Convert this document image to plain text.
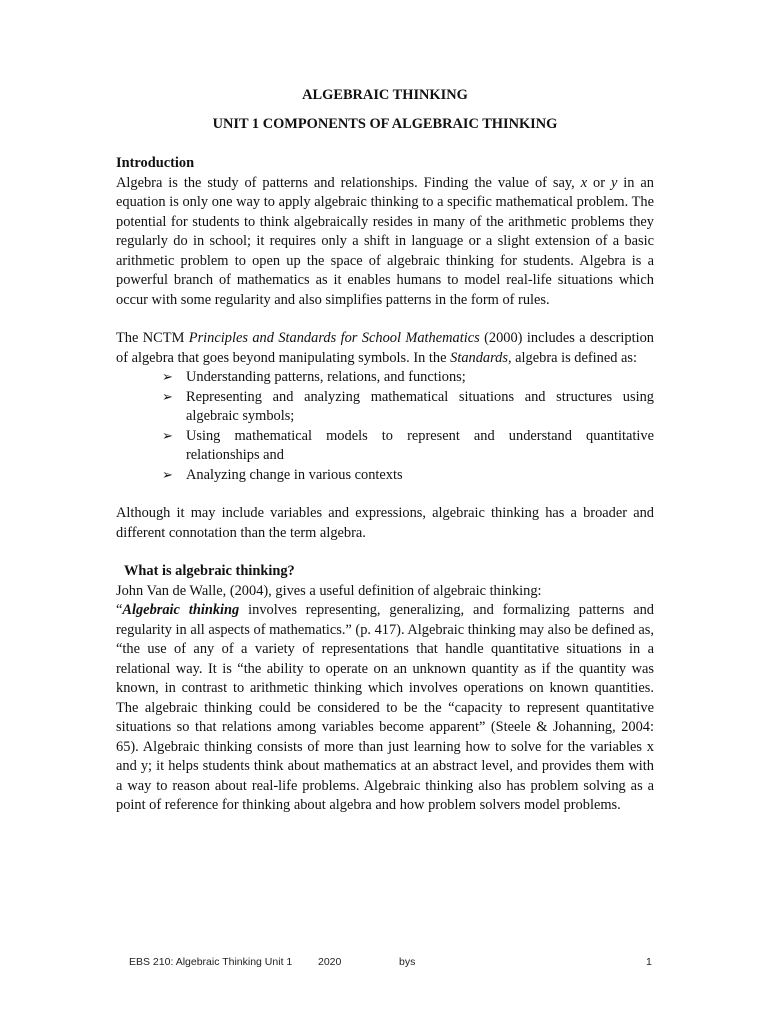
ALGEBRAIC THINKING

UNIT 1 COMPONENTS OF ALGEBRAIC THINKING

Introduction

Algebra is the study of patterns and relationships. Finding the value of say, x or y in an equation is only one way to apply algebraic thinking to a specific mathematical problem. The potential for students to think algebraically resides in many of the arithmetic problems they regularly do in school; it requires only a shift in language or a slight extension of a basic arithmetic problem to open up the space of algebraic thinking for students. Algebra is a powerful branch of mathematics as it enables humans to model real-life situations which occur with some regularity and also simplifies patterns in the form of rules.

The NCTM Principles and Standards for School Mathematics (2000) includes a description of algebra that goes beyond manipulating symbols. In the Standards, algebra is defined as:

➢ Understanding patterns, relations, and functions;
➢ Representing and analyzing mathematical situations and structures using algebraic symbols;
➢ Using mathematical models to represent and understand quantitative relationships and
➢ Analyzing change in various contexts

Although it may include variables and expressions, algebraic thinking has a broader and different connotation than the term algebra.

What is algebraic thinking?

John Van de Walle, (2004), gives a useful definition of algebraic thinking:

“Algebraic thinking involves representing, generalizing, and formalizing patterns and regularity in all aspects of mathematics.” (p. 417). Algebraic thinking may also be defined as, “the use of any of a variety of representations that handle quantitative situations in a relational way. It is “the ability to operate on an unknown quantity as if the quantity was known, in contrast to arithmetic thinking which involves operations on known quantities. The algebraic thinking could be considered to be the “capacity to represent quantitative situations so that relations among variables become apparent” (Steele & Johanning, 2004: 65). Algebraic thinking consists of more than just learning how to solve for the variables x and y; it helps students think about mathematics at an abstract level, and provides them with a way to reason about real-life problems. Algebraic thinking also has problem solving as a point of reference for thinking about algebra and how problem solvers model problems.

EBS 210: Algebraic Thinking Unit 1 2020	bys	1
